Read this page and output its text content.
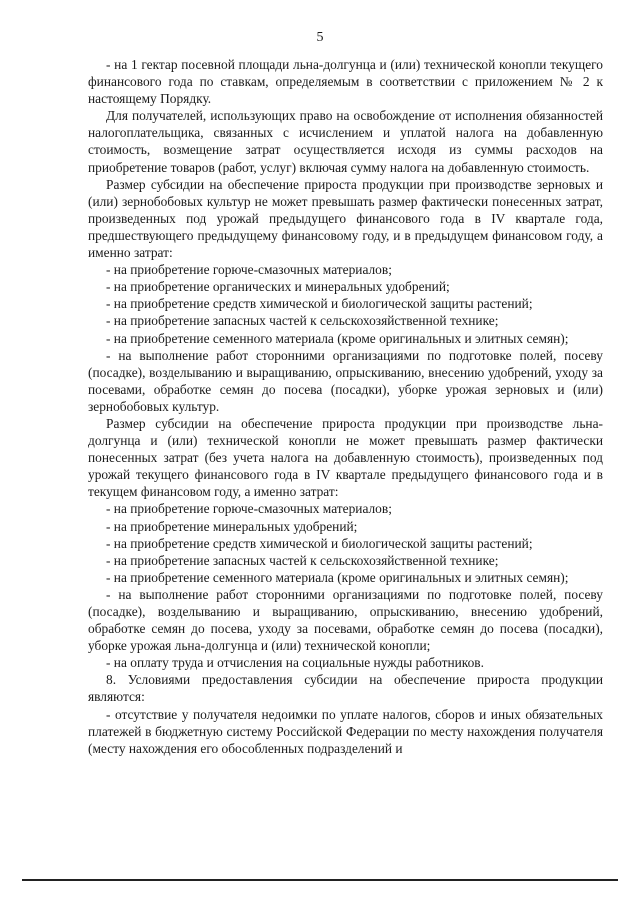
5

- на 1 гектар посевной площади льна-долгунца и (или) технической конопли текущего финансового года по ставкам, определяемым в соответствии с приложением № 2 к настоящему Порядку.

Для получателей, использующих право на освобождение от исполнения обязанностей налогоплательщика, связанных с исчислением и уплатой налога на добавленную стоимость, возмещение затрат осуществляется исходя из суммы расходов на приобретение товаров (работ, услуг) включая сумму налога на добавленную стоимость.

Размер субсидии на обеспечение прироста продукции при производстве зерновых и (или) зернобобовых культур не может превышать размер фактически понесенных затрат, произведенных под урожай предыдущего финансового года в IV квартале года, предшествующего предыдущему финансовому году, и в предыдущем финансовом году, а именно затрат:

- на приобретение горюче-смазочных материалов;

- на приобретение органических и минеральных удобрений;

- на приобретение средств химической и биологической защиты растений;

- на приобретение запасных частей к сельскохозяйственной технике;

- на приобретение семенного материала (кроме оригинальных и элитных семян);

- на выполнение работ сторонними организациями по подготовке полей, посеву (посадке), возделыванию и выращиванию, опрыскиванию, внесению удобрений, уходу за посевами, обработке семян до посева (посадки), уборке урожая зерновых и (или) зернобобовых культур.

Размер субсидии на обеспечение прироста продукции при производстве льна-долгунца и (или) технической конопли не может превышать размер фактически понесенных затрат (без учета налога на добавленную стоимость), произведенных под урожай текущего финансового года в IV квартале предыдущего финансового года и в текущем финансовом году, а именно затрат:

- на приобретение горюче-смазочных материалов;

- на приобретение минеральных удобрений;

- на приобретение средств химической и биологической защиты растений;

- на приобретение запасных частей к сельскохозяйственной технике;

- на приобретение семенного материала (кроме оригинальных и элитных семян);

- на выполнение работ сторонними организациями по подготовке полей, посеву (посадке), возделыванию и выращиванию, опрыскиванию, внесению удобрений, обработке семян до посева, уходу за посевами, обработке семян до посева (посадки), уборке урожая льна-долгунца и (или) технической конопли;

- на оплату труда и отчисления на социальные нужды работников.

8. Условиями предоставления субсидии на обеспечение прироста продукции являются:

- отсутствие у получателя недоимки по уплате налогов, сборов и иных обязательных платежей в бюджетную систему Российской Федерации по месту нахождения получателя (месту нахождения его обособленных подразделений и
